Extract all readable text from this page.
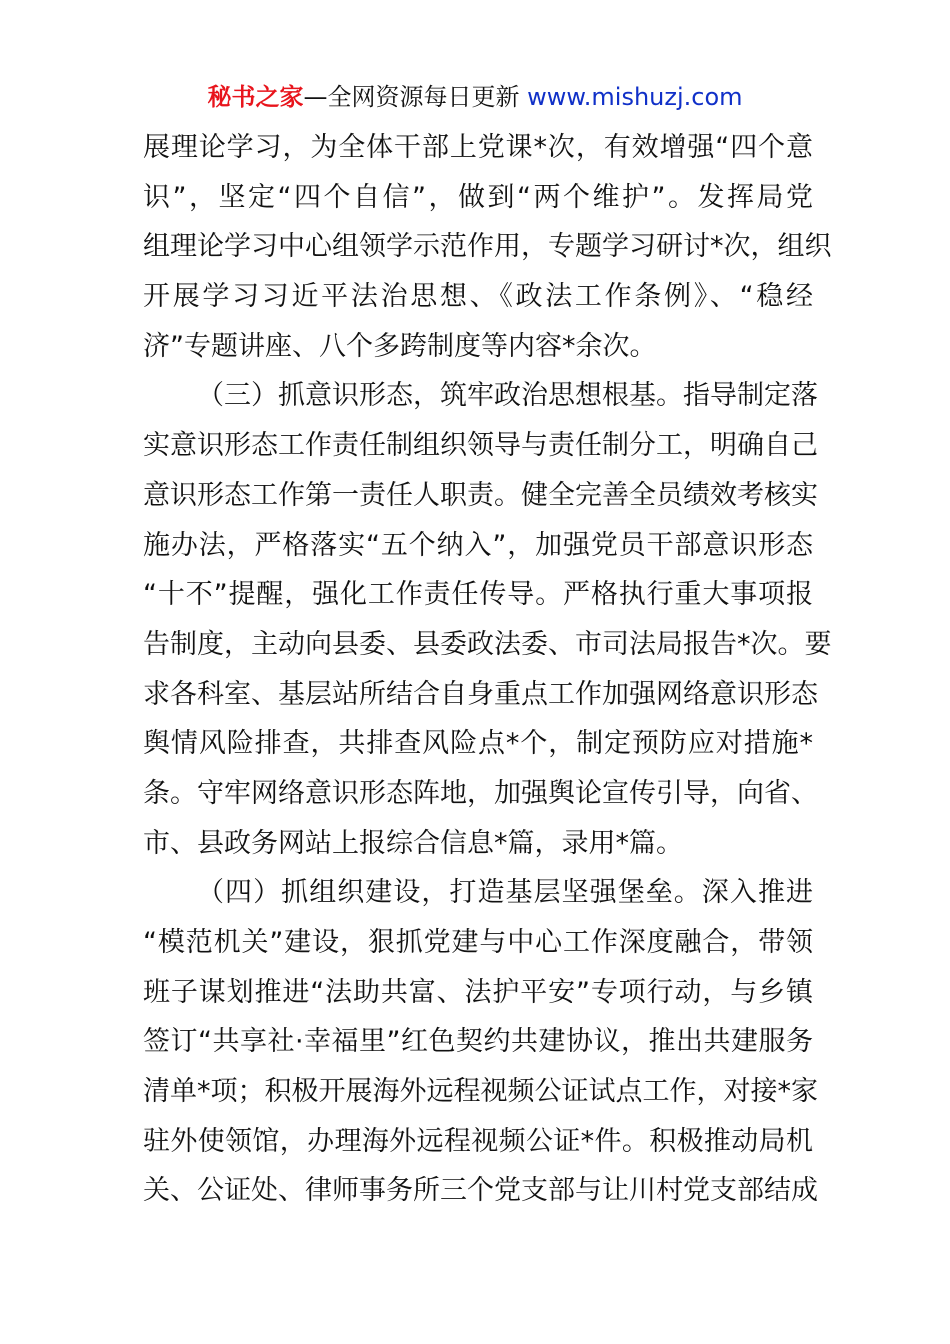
秘书之家—全网资源每日更新 www.mishuzj.com
展理论学习，为全体干部上党课*次，有效增强“四个意
识”，坚定“四个自信”，做到“两个维护”。发挥局党
组理论学习中心组领学示范作用，专题学习研讨*次，组织
开展学习习近平法治思想、《政法工作条例》、“稳经
济”专题讲座、八个多跨制度等内容*余次。
（三）抓意识形态，筑牢政治思想根基。指导制定落
实意识形态工作责任制组织领导与责任制分工，明确自己
意识形态工作第一责任人职责。健全完善全员绩效考核实
施办法，严格落实“五个纳入”，加强党员干部意识形态
“十不”提醒，强化工作责任传导。严格执行重大事项报
告制度，主动向县委、县委政法委、市司法局报告*次。要
求各科室、基层站所结合自身重点工作加强网络意识形态
舆情风险排查，共排查风险点*个，制定预防应对措施*
条。守牢网络意识形态阵地，加强舆论宣传引导，向省、
市、县政务网站上报综合信息*篇，录用*篇。
（四）抓组织建设，打造基层坚强堡垒。深入推进
“模范机关”建设，狠抓党建与中心工作深度融合，带领
班子谋划推进“法助共富、法护平安”专项行动，与乡镇
签订“共享社·幸福里”红色契约共建协议，推出共建服务
清单*项；积极开展海外远程视频公证试点工作，对接*家
驻外使领馆，办理海外远程视频公证*件。积极推动局机
关、公证处、律师事务所三个党支部与让川村党支部结成
